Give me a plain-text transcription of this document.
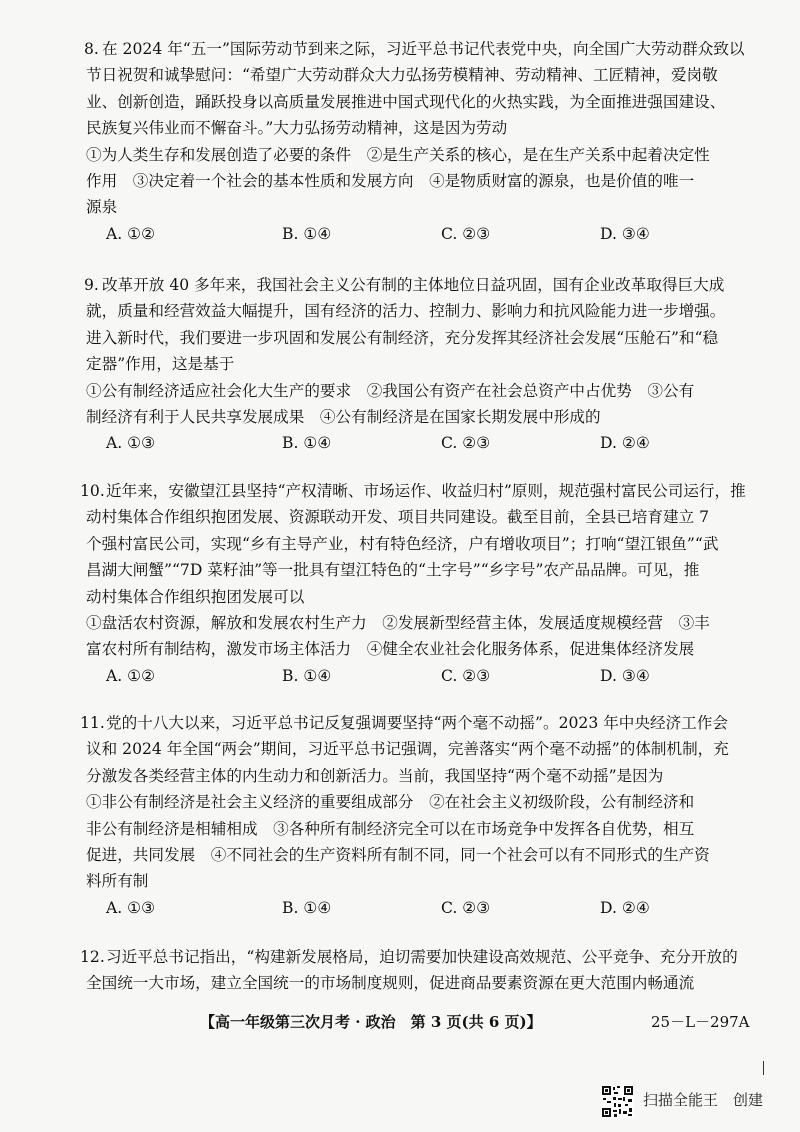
8. 在 2024 年“五一”国际劳动节到来之际，习近平总书记代表党中央，向全国广大劳动群众致以
节日祝贺和诚挚慰问：“希望广大劳动群众大力弘扬劳模精神、劳动精神、工匠精神，爱岗敬
业、创新创造，踊跃投身以高质量发展推进中国式现代化的火热实践，为全面推进强国建设、
民族复兴伟业而不懈奋斗。”大力弘扬劳动精神，这是因为劳动
①为人类生存和发展创造了必要的条件　②是生产关系的核心，是在生产关系中起着决定性
作用　③决定着一个社会的基本性质和发展方向　④是物质财富的源泉，也是价值的唯一
源泉
A. ①②	B. ①④	C. ②③	D. ③④
9. 改革开放 40 多年来，我国社会主义公有制的主体地位日益巩固，国有企业改革取得巨大成
就，质量和经营效益大幅提升，国有经济的活力、控制力、影响力和抗风险能力进一步增强。
进入新时代，我们要进一步巩固和发展公有制经济，充分发挥其经济社会发展“压舱石”和“稳
定器”作用，这是基于
①公有制经济适应社会化大生产的要求　②我国公有资产在社会总资产中占优势　③公有
制经济有利于人民共享发展成果　④公有制经济是在国家长期发展中形成的
A. ①③	B. ①④	C. ②③	D. ②④
10. 近年来，安徽望江县坚持“产权清晰、市场运作、收益归村”原则，规范强村富民公司运行，推
动村集体合作组织抱团发展、资源联动开发、项目共同建设。截至目前，全县已培育建立 7
个强村富民公司，实现“乡有主导产业，村有特色经济，户有增收项目”；打响“望江银鱼”“武
昌湖大闸蟹”“7D 菜籽油”等一批具有望江特色的“土字号”“乡字号”农产品品牌。可见，推
动村集体合作组织抱团发展可以
①盘活农村资源，解放和发展农村生产力　②发展新型经营主体，发展适度规模经营　③丰
富农村所有制结构，激发市场主体活力　④健全农业社会化服务体系，促进集体经济发展
A. ①②	B. ①④	C. ②③	D. ③④
11. 党的十八大以来，习近平总书记反复强调要坚持“两个毫不动摇”。2023 年中央经济工作会
议和 2024 年全国“两会”期间，习近平总书记强调，完善落实“两个毫不动摇”的体制机制，充
分激发各类经营主体的内生动力和创新活力。当前，我国坚持“两个毫不动摇”是因为
①非公有制经济是社会主义经济的重要组成部分　②在社会主义初级阶段，公有制经济和
非公有制经济是相辅相成　③各种所有制经济完全可以在市场竞争中发挥各自优势，相互
促进，共同发展　④不同社会的生产资料所有制不同，同一个社会可以有不同形式的生产资
料所有制
A. ①③	B. ①④	C. ②③	D. ②④
12. 习近平总书记指出，“构建新发展格局，迫切需要加快建设高效规范、公平竞争、充分开放的
全国统一大市场，建立全国统一的市场制度规则，促进商品要素资源在更大范围内畅通流
【高一年级第三次月考 · 政治　第 3 页(共 6 页)】	25－L－297A
扫描全能王　创建
